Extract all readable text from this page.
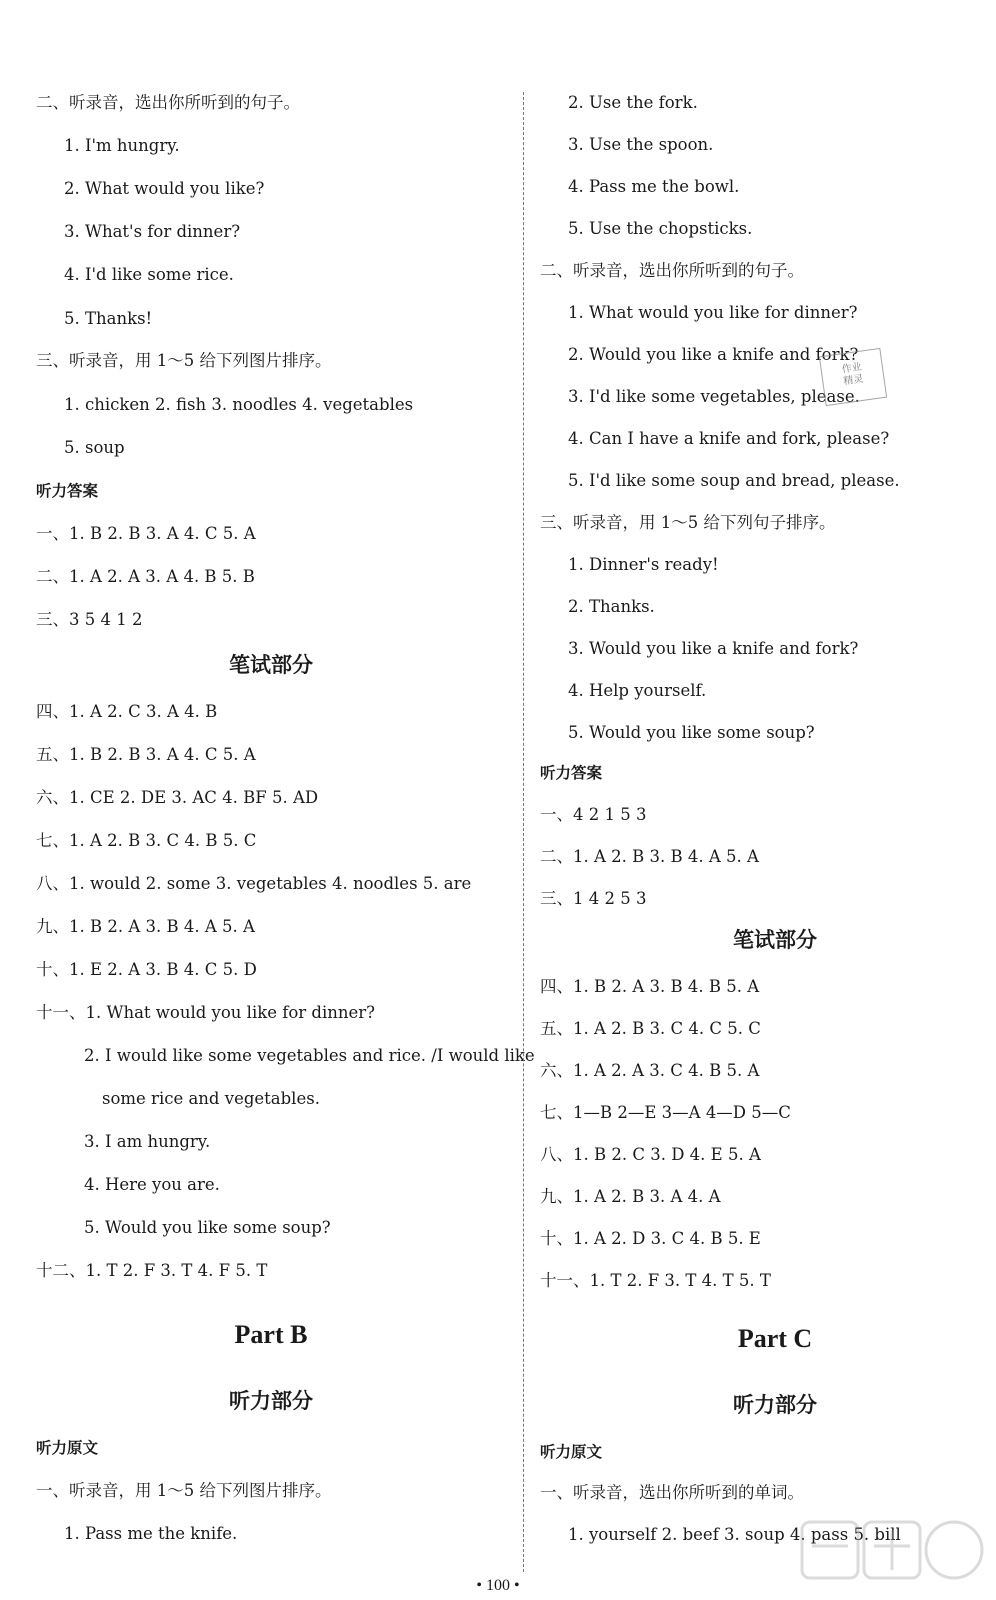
二、听录音，选出你所听到的句子。
1. I'm hungry.
2. What would you like?
3. What's for dinner?
4. I'd like some rice.
5. Thanks!
三、听录音，用 1～5 给下列图片排序。
1. chicken 2. fish 3. noodles 4. vegetables
5. soup
听力答案
一、1. B 2. B 3. A 4. C 5. A
二、1. A 2. A 3. A 4. B 5. B
三、3 5 4 1 2
笔试部分
四、1. A 2. C 3. A 4. B
五、1. B 2. B 3. A 4. C 5. A
六、1. CE 2. DE 3. AC 4. BF 5. AD
七、1. A 2. B 3. C 4. B 5. C
八、1. would 2. some 3. vegetables 4. noodles 5. are
九、1. B 2. A 3. B 4. A 5. A
十、1. E 2. A 3. B 4. C 5. D
十一、1. What would you like for dinner?
2. I would like some vegetables and rice. /I would like
some rice and vegetables.
3. I am hungry.
4. Here you are.
5. Would you like some soup?
十二、1. T 2. F 3. T 4. F 5. T
Part B
听力部分
听力原文
一、听录音，用 1～5 给下列图片排序。
1. Pass me the knife.
2. Use the fork.
3. Use the spoon.
4. Pass me the bowl.
5. Use the chopsticks.
二、听录音，选出你所听到的句子。
1. What would you like for dinner?
2. Would you like a knife and fork?
3. I'd like some vegetables, please.
4. Can I have a knife and fork, please?
5. I'd like some soup and bread, please.
三、听录音，用 1～5 给下列句子排序。
1. Dinner's ready!
2. Thanks.
3. Would you like a knife and fork?
4. Help yourself.
5. Would you like some soup?
听力答案
一、4 2 1 5 3
二、1. A 2. B 3. B 4. A 5. A
三、1 4 2 5 3
笔试部分
四、1. B 2. A 3. B 4. B 5. A
五、1. A 2. B 3. C 4. C 5. C
六、1. A 2. A 3. C 4. B 5. A
七、1—B 2—E 3—A 4—D 5—C
八、1. B 2. C 3. D 4. E 5. A
九、1. A 2. B 3. A 4. A
十、1. A 2. D 3. C 4. B 5. E
十一、1. T 2. F 3. T 4. T 5. T
Part C
听力部分
听力原文
一、听录音，选出你所听到的单词。
1. yourself 2. beef 3. soup 4. pass 5. bill
作业
精灵
• 100 •
